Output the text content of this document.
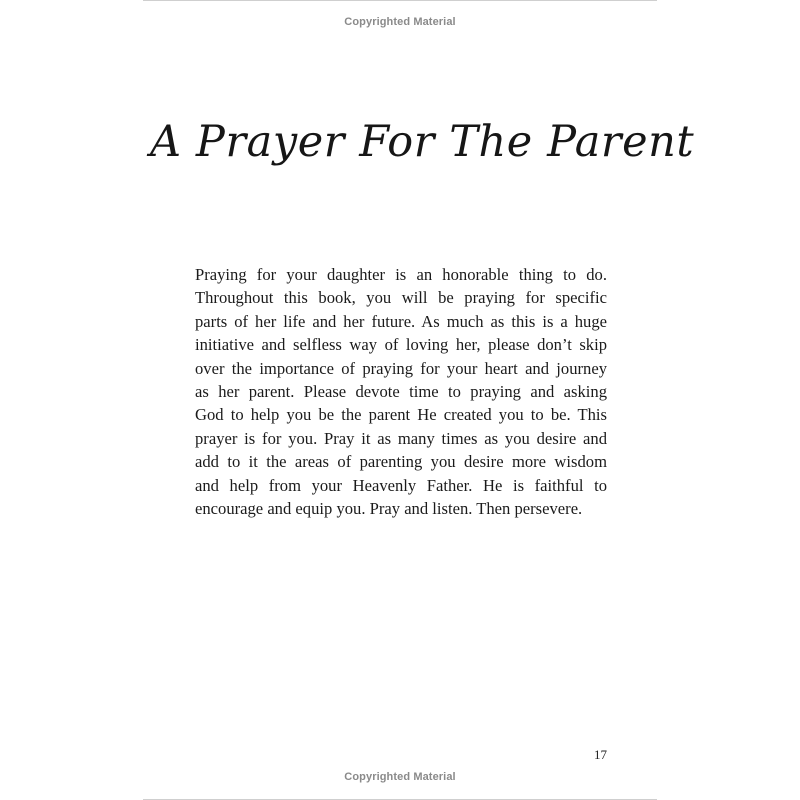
Copyrighted Material
A Prayer For The Parent
Praying for your daughter is an honorable thing to do.
Throughout this book, you will be praying for specific
parts of her life and her future. As much as this is a huge
initiative and selfless way of loving her, please don’t skip
over the importance of praying for your heart and journey
as her parent. Please devote time to praying and asking
God to help you be the parent He created you to be. This
prayer is for you. Pray it as many times as you desire and
add to it the areas of parenting you desire more wisdom
and help from your Heavenly Father. He is faithful to
encourage and equip you. Pray and listen. Then persevere.
17
Copyrighted Material
